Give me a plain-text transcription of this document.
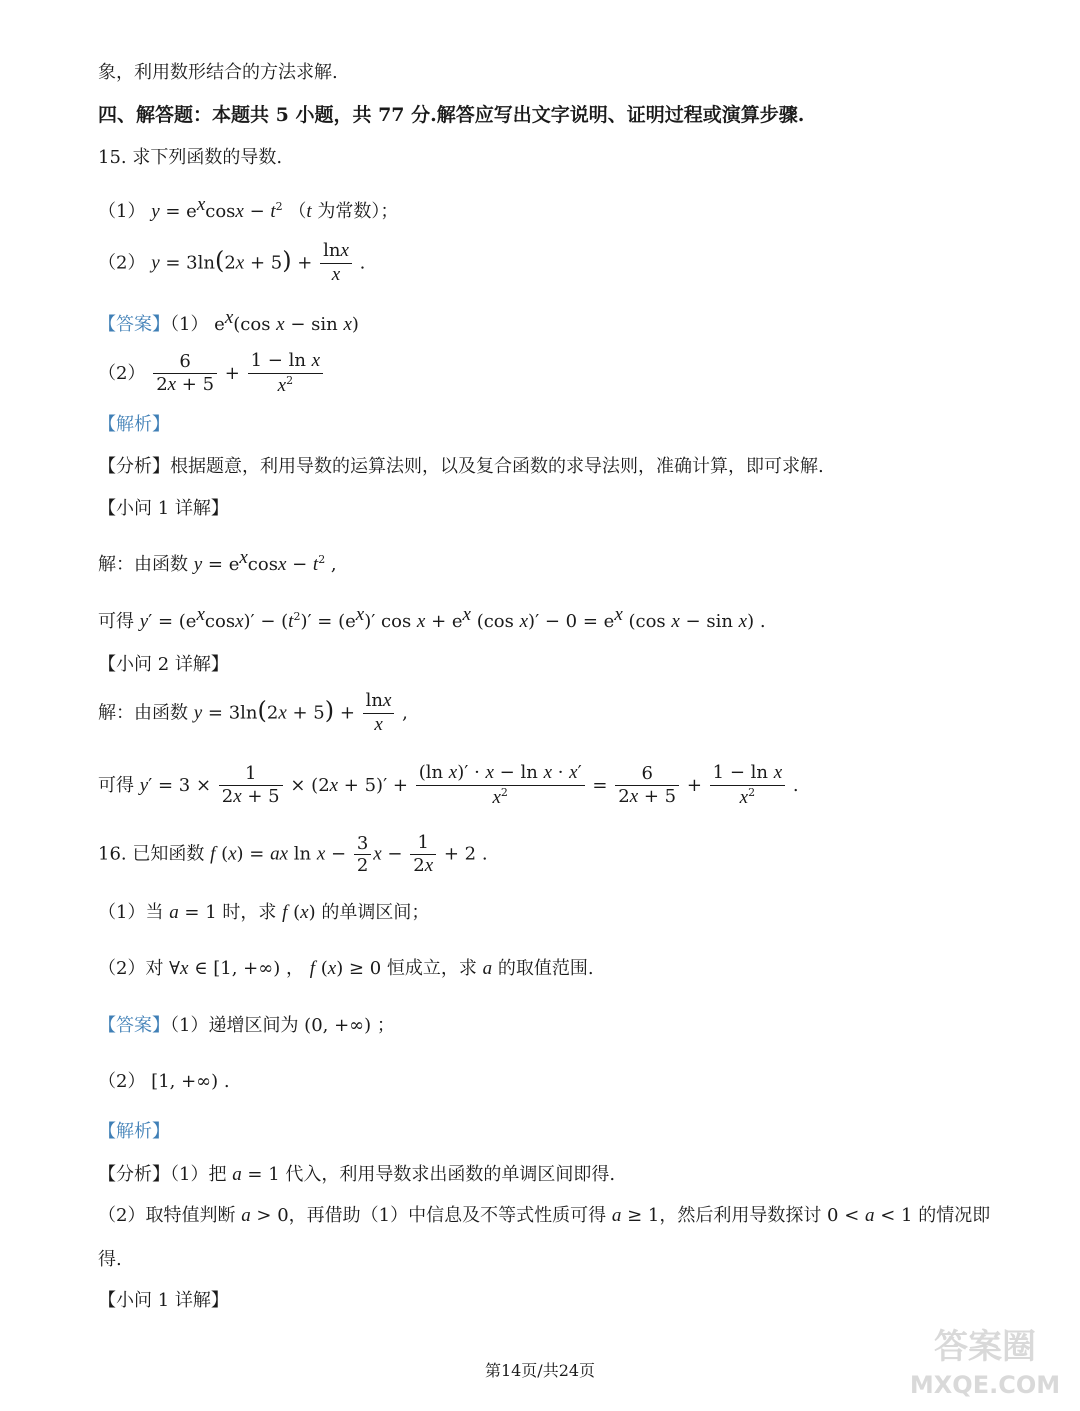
象，利用数形结合的方法求解.
四、解答题：本题共 5 小题，共 77 分.解答应写出文字说明、证明过程或演算步骤.
15. 求下列函数的导数.
（1） $y = e^x\cos x - t^2$ （t 为常数）；
（2） $y = 3\ln(2x + 5) + \frac{\ln x}{x}$ .
【答案】（1） $e^x(\cos$ x − sin x)
$(2) \frac{6}{2x + 5} + \frac{\text{1 − ln x}}{x^2}$
【解析】
【分析】根据题意，利用导数的运算法则，以及复合函数的求导法则，准确计算，即可求解.
【小问 1 详解】
解：由函数 $y = e^x\cos x - t^2$ ,
可得 $y' = (e^x\cos x)' - (t^2)' = (e^x)'$ $\cos x + e^x$ (cos $x)' - 0 = e^x$ (cos x − sin x) .
【小问 2 详解】
解：由函数 $y = 3\ln(2x + 5) + \frac{\ln x}{x}$ ,
可得 $y' = 3 \times \frac{1}{2x + 5} \times (2x + 5)' + \frac{\text{(ln x)′ · x − ln x · x′}}{x^2} = \frac{6}{2x + 5} + \frac{\text{1 − ln x}}{x^2}$ .
16. 已知函数 f (x) = ax $\ln x - \frac{3}{2}$ $x - \frac{1}{2x} + 2$ .
（1）当 a = 1 时，求 f (x) 的单调区间；
（2）对 ∀x ∈ [1, +∞) ， f (x) ≥ 0 恒成立，求 a 的取值范围.
【答案】（1）递增区间为 (0, +∞) ；
（2） [1, +∞) .
【解析】
【分析】（1）把 a = 1 代入，利用导数求出函数的单调区间即得.
（2）取特值判断 a > 0，再借助（1）中信息及不等式性质可得 a ≥ 1，然后利用导数探讨 0 < a < 1 的情况即
得.
【小问 1 详解】
第14页/共24页
答案圈
MXQE.COM
